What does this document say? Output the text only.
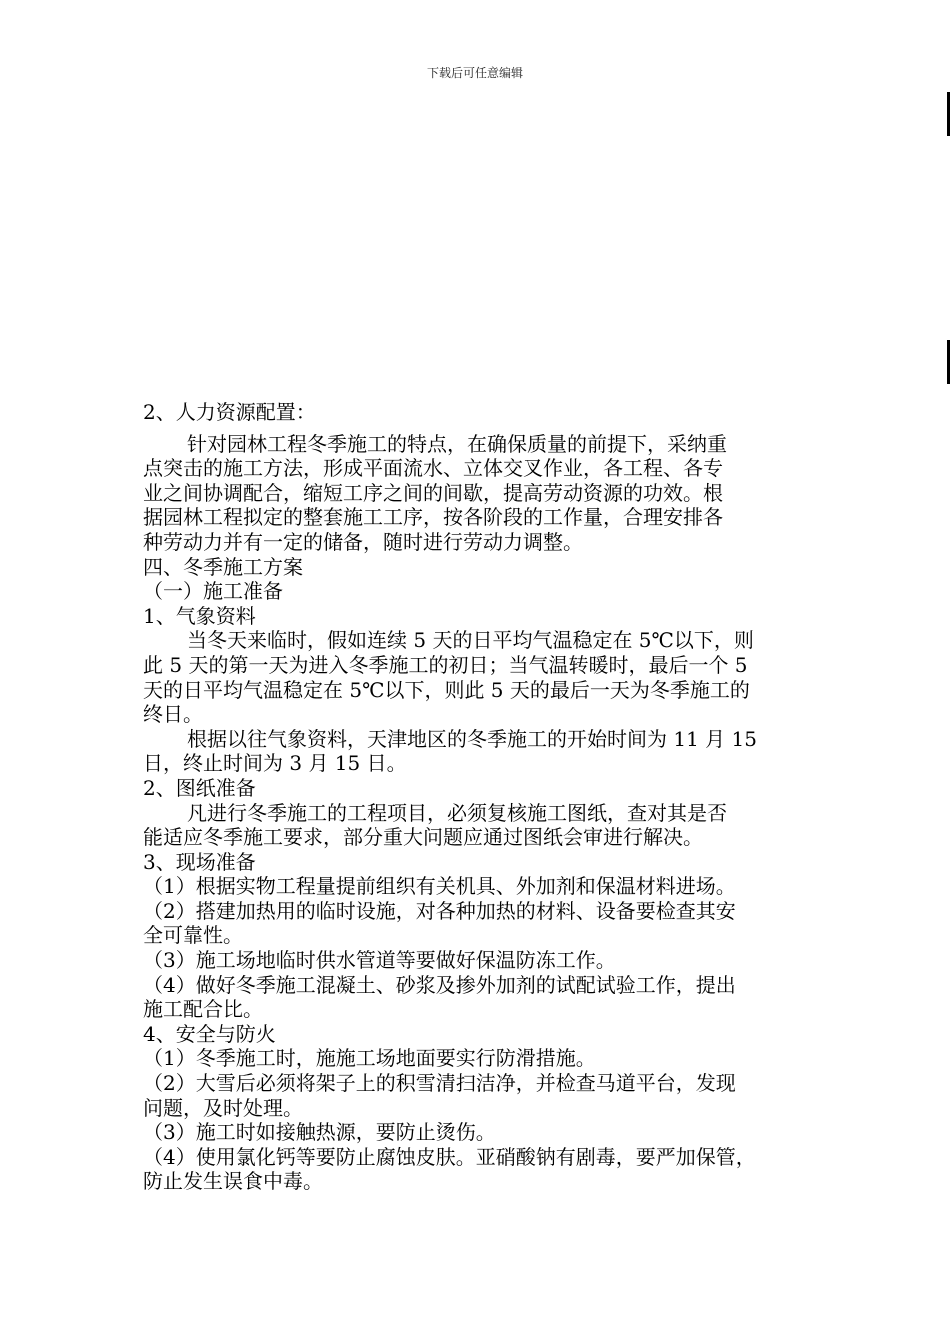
下载后可任意编辑
2、人力资源配置：
针对园林工程冬季施工的特点，在确保质量的前提下，采纳重
点突击的施工方法，形成平面流水、立体交叉作业，各工程、各专
业之间协调配合，缩短工序之间的间歇，提高劳动资源的功效。根
据园林工程拟定的整套施工工序，按各阶段的工作量，合理安排各
种劳动力并有一定的储备，随时进行劳动力调整。
四、冬季施工方案
（一）施工准备
1、气象资料
当冬天来临时，假如连续 5 天的日平均气温稳定在 5℃以下，则
此 5 天的第一天为进入冬季施工的初日；当气温转暖时，最后一个 5
天的日平均气温稳定在 5℃以下，则此 5 天的最后一天为冬季施工的
终日。
根据以往气象资料，天津地区的冬季施工的开始时间为 11 月 15
日，终止时间为 3 月 15 日。
2、图纸准备
凡进行冬季施工的工程项目，必须复核施工图纸，查对其是否
能适应冬季施工要求，部分重大问题应通过图纸会审进行解决。
3、现场准备
（1）根据实物工程量提前组织有关机具、外加剂和保温材料进场。
（2）搭建加热用的临时设施，对各种加热的材料、设备要检查其安
全可靠性。
（3）施工场地临时供水管道等要做好保温防冻工作。
（4）做好冬季施工混凝土、砂浆及掺外加剂的试配试验工作，提出
施工配合比。
4、安全与防火
（1）冬季施工时，施施工场地面要实行防滑措施。
（2）大雪后必须将架子上的积雪清扫洁净，并检查马道平台，发现
问题，及时处理。
（3）施工时如接触热源，要防止烫伤。
（4）使用氯化钙等要防止腐蚀皮肤。亚硝酸钠有剧毒，要严加保管，
防止发生误食中毒。
